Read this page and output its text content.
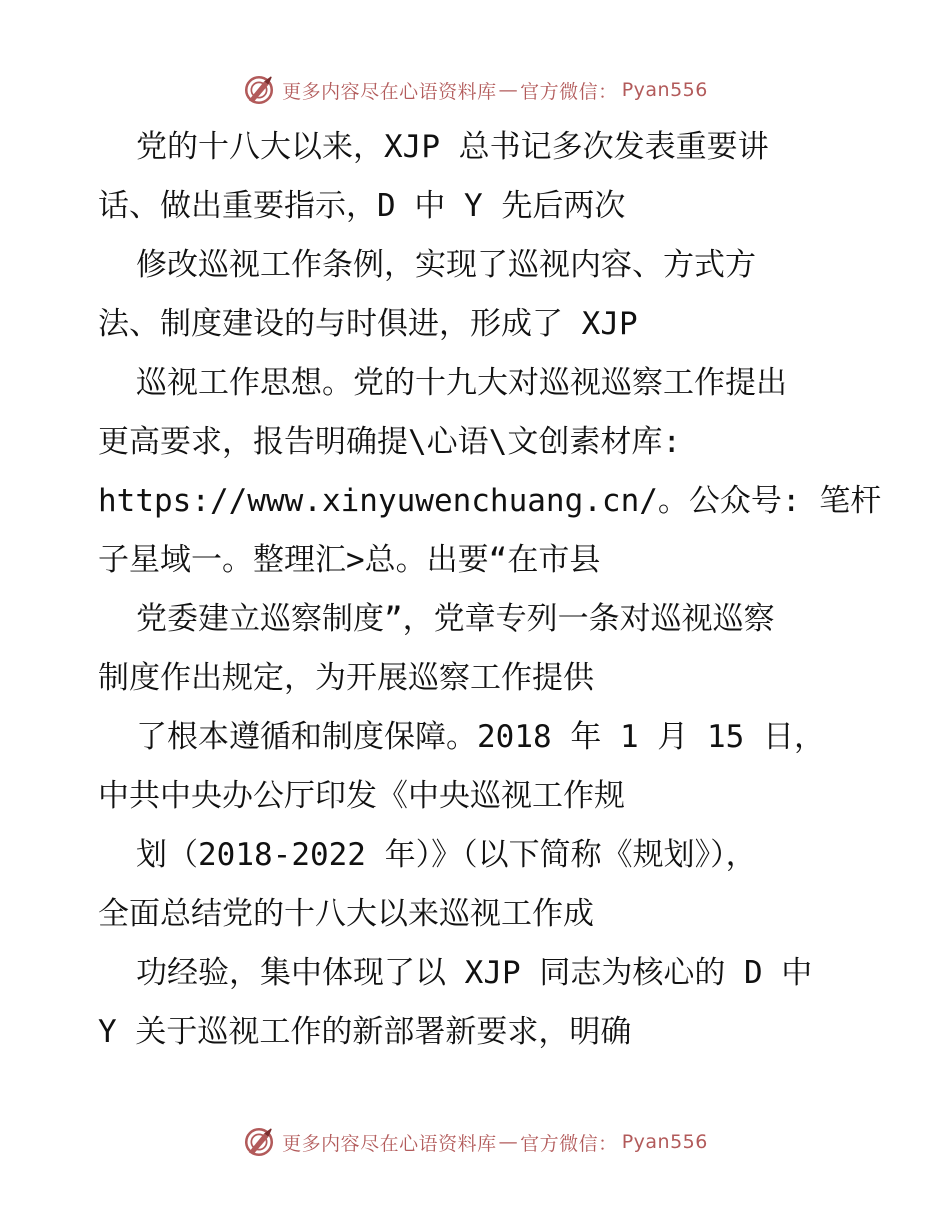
更多内容尽在心语资料库 — 官方微信： Pyan556
党的十八大以来，XJP 总书记多次发表重要讲
话、做出重要指示，D 中 Y 先后两次
修改巡视工作条例，实现了巡视内容、方式方
法、制度建设的与时俱进，形成了 XJP
巡视工作思想。党的十九大对巡视巡察工作提出
更高要求，报告明确提\心语\文创素材库:
https://www.xinyuwenchuang.cn/。公众号: 笔杆
子星域一。整理汇>总。出要“在市县
党委建立巡察制度”，党章专列一条对巡视巡察
制度作出规定，为开展巡察工作提供
了根本遵循和制度保障。2018 年 1 月 15 日，
中共中央办公厅印发《中央巡视工作规
划（2018-2022 年）》（以下简称《规划》），
全面总结党的十八大以来巡视工作成
功经验，集中体现了以 XJP 同志为核心的 D 中
Y 关于巡视工作的新部署新要求，明确
更多内容尽在心语资料库 — 官方微信： Pyan556
